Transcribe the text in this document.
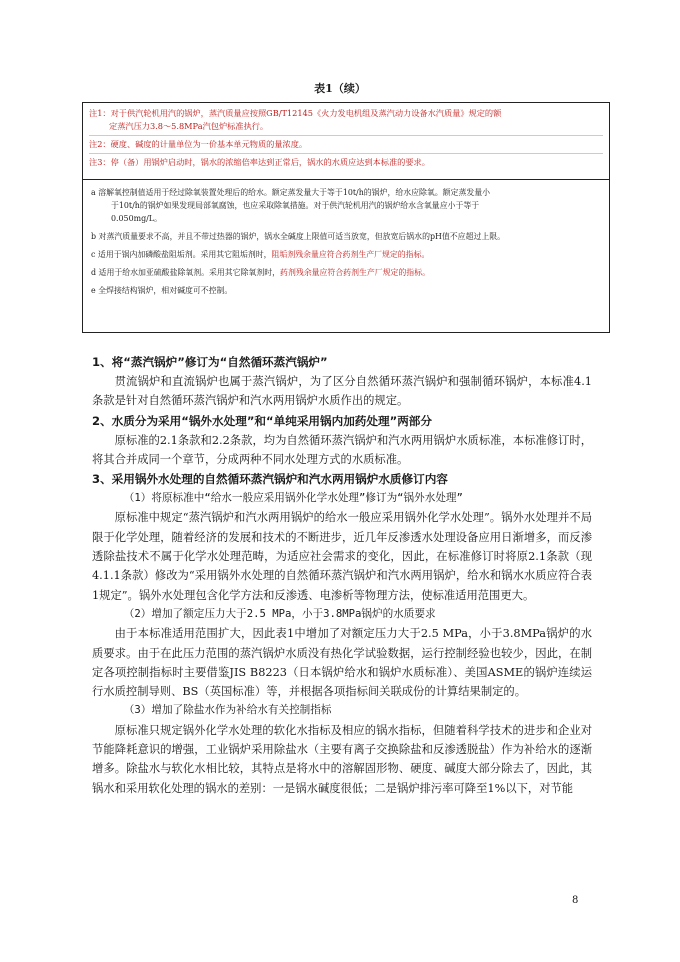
表1（续）
注1：对于供汽轮机用汽的锅炉，蒸汽质量应按照GB/T12145《火力发电机组及蒸汽动力设备水汽质量》规定的额
定蒸汽压力3.8～5.8MPa汽包炉标准执行。
注2：硬度、碱度的计量单位为一价基本单元物质的量浓度。
注3：停（备）用锅炉启动时，锅水的浓缩倍率达到正常后，锅水的水质应达到本标准的要求。
a 溶解氧控制值适用于经过除氧装置处理后的给水。额定蒸发量大于等于10t/h的锅炉，给水应除氧。额定蒸发量小
于10t/h的锅炉如果发现局部氧腐蚀，也应采取除氧措施。对于供汽轮机用汽的锅炉给水含氧量应小于等于
0.050mg/L。
b 对蒸汽质量要求不高，并且不带过热器的锅炉，锅水全碱度上限值可适当放宽，但放宽后锅水的pH值不应超过上限。
c 适用于锅内加磷酸盐阻垢剂。采用其它阻垢剂时，阻垢剂残余量应符合药剂生产厂规定的指标。
d 适用于给水加亚硫酸盐除氧剂。采用其它除氧剂时，药剂残余量应符合药剂生产厂规定的指标。
e 全焊接结构锅炉，相对碱度可不控制。
1、将“蒸汽锅炉”修订为“自然循环蒸汽锅炉”
贯流锅炉和直流锅炉也属于蒸汽锅炉，为了区分自然循环蒸汽锅炉和强制循环锅炉，本标准4.1条款是针对自然循环蒸汽锅炉和汽水两用锅炉水质作出的规定。
2、水质分为采用“锅外水处理”和“单纯采用锅内加药处理”两部分
原标准的2.1条款和2.2条款，均为自然循环蒸汽锅炉和汽水两用锅炉水质标准，本标准修订时，将其合并成同一个章节，分成两种不同水处理方式的水质标准。
3、采用锅外水处理的自然循环蒸汽锅炉和汽水两用锅炉水质修订内容
（1）将原标准中“给水一般应采用锅外化学水处理”修订为“锅外水处理”
原标准中规定“蒸汽锅炉和汽水两用锅炉的给水一般应采用锅外化学水处理”。锅外水处理并不局限于化学处理，随着经济的发展和技术的不断进步，近几年反渗透水处理设备应用日渐增多，而反渗透除盐技术不属于化学水处理范畴，为适应社会需求的变化，因此，在标准修订时将原2.1条款（现4.1.1条款）修改为“采用锅外水处理的自然循环蒸汽锅炉和汽水两用锅炉，给水和锅水水质应符合表1规定”。锅外水处理包含化学方法和反渗透、电渗析等物理方法，使标准适用范围更大。
（2）增加了额定压力大于2.5 MPa，小于3.8MPa锅炉的水质要求
由于本标准适用范围扩大，因此表1中增加了对额定压力大于2.5 MPa，小于3.8MPa锅炉的水质要求。由于在此压力范围的蒸汽锅炉水质没有热化学试验数据，运行控制经验也较少，因此，在制定各项控制指标时主要借鉴JIS B8223（日本锅炉给水和锅炉水质标准）、美国ASME的锅炉连续运行水质控制导则、BS（英国标准）等，并根据各项指标间关联成份的计算结果制定的。
（3）增加了除盐水作为补给水有关控制指标
原标准只规定锅外化学水处理的软化水指标及相应的锅水指标，但随着科学技术的进步和企业对节能降耗意识的增强，工业锅炉采用除盐水（主要有离子交换除盐和反渗透脱盐）作为补给水的逐渐增多。除盐水与软化水相比较，其特点是将水中的溶解固形物、硬度、碱度大部分除去了，因此，其锅水和采用软化处理的锅水的差别：一是锅水碱度很低；二是锅炉排污率可降至1%以下，对节能
8
